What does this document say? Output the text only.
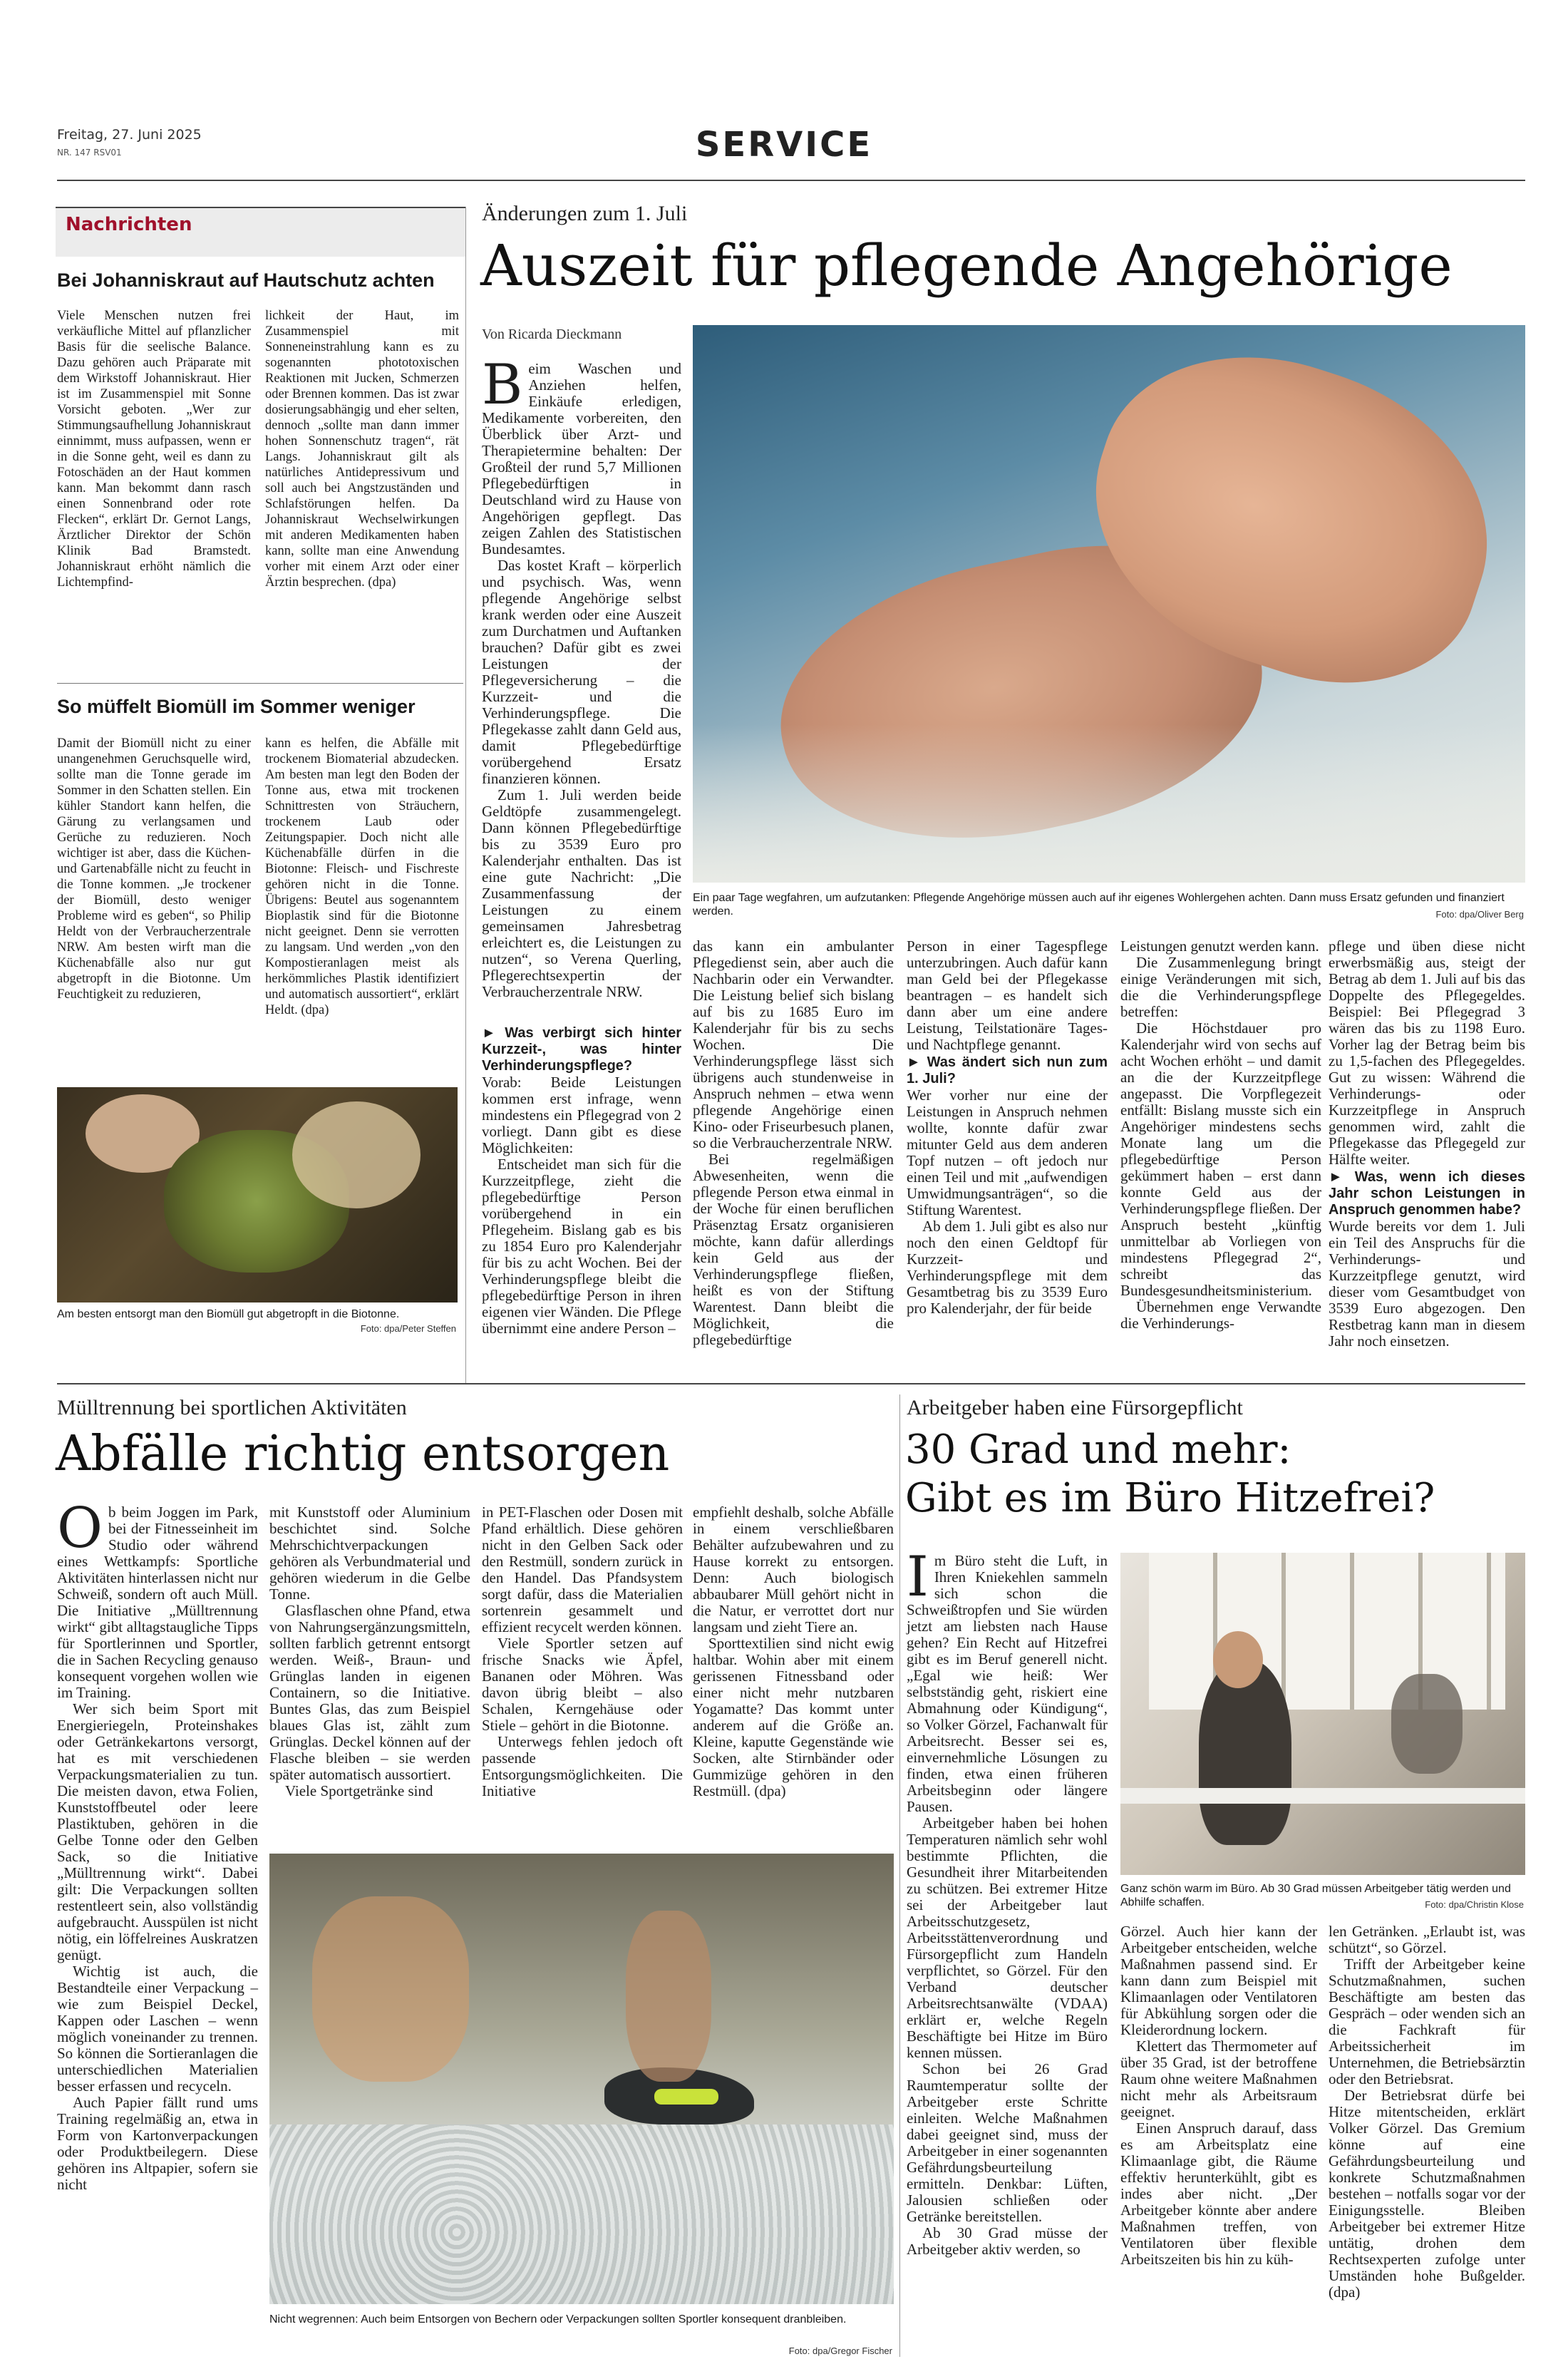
Freitag, 27. Juni 2025
NR. 147 RSV01	SERVICE
Nachrichten
Bei Johanniskraut auf Hautschutz achten
Viele Menschen nutzen frei verkäufliche Mittel auf pflanzlicher Basis für die seelische Balance. Dazu gehören auch Präparate mit dem Wirkstoff Johanniskraut. Hier ist im Zusammenspiel mit Sonne Vorsicht geboten. „Wer zur Stimmungsaufhellung Johanniskraut einnimmt, muss aufpassen, wenn er in die Sonne geht, weil es dann zu Fotoschäden an der Haut kommen kann. Man bekommt dann rasch einen Sonnenbrand oder rote Flecken“, erklärt Dr. Gernot Langs, Ärztlicher Direktor der Schön Klinik Bad Bramstedt. Johanniskraut erhöht nämlich die Lichtempfind-
lichkeit der Haut, im Zusammenspiel mit Sonneneinstrahlung kann es zu sogenannten phototoxischen Reaktionen mit Jucken, Schmerzen oder Brennen kommen. Das ist zwar dosierungsabhängig und eher selten, dennoch „sollte man dann immer hohen Sonnenschutz tragen“, rät Langs. Johanniskraut gilt als natürliches Antidepressivum und soll auch bei Angstzuständen und Schlafstörungen helfen. Da Johanniskraut Wechselwirkungen mit anderen Medikamenten haben kann, sollte man eine Anwendung vorher mit einem Arzt oder einer Ärztin besprechen. (dpa)
So müffelt Biomüll im Sommer weniger
Damit der Biomüll nicht zu einer unangenehmen Geruchsquelle wird, sollte man die Tonne gerade im Sommer in den Schatten stellen. Ein kühler Standort kann helfen, die Gärung zu verlangsamen und Gerüche zu reduzieren. Noch wichtiger ist aber, dass die Küchen- und Gartenabfälle nicht zu feucht in die Tonne kommen. „Je trockener der Biomüll, desto weniger Probleme wird es geben“, so Philip Heldt von der Verbraucherzentrale NRW. Am besten wirft man die Küchenabfälle also nur gut abgetropft in die Biotonne. Um Feuchtigkeit zu reduzieren,
kann es helfen, die Abfälle mit trockenem Biomaterial abzudecken. Am besten man legt den Boden der Tonne aus, etwa mit trockenen Schnittresten von Sträuchern, trockenem Laub oder Zeitungspapier. Doch nicht alle Küchenabfälle dürfen in die Biotonne: Fleisch- und Fischreste gehören nicht in die Tonne. Übrigens: Beutel aus sogenanntem Bioplastik sind für die Biotonne nicht geeignet. Denn sie verrotten zu langsam. Und werden „von den Kompostieranlagen meist als herkömmliches Plastik identifiziert und automatisch aussortiert“, erklärt Heldt. (dpa)
Am besten entsorgt man den Biomüll gut abgetropft in die Biotonne.
Foto: dpa/Peter Steffen
Änderungen zum 1. Juli
Auszeit für pflegende Angehörige
Von Ricarda Dieckmann

Beim Waschen und Anziehen helfen, Einkäufe erledigen, Medikamente vorbereiten, den Überblick über Arzt- und Therapietermine behalten: Der Großteil der rund 5,7 Millionen Pflegebedürftigen in Deutschland wird zu Hause von Angehörigen gepflegt. Das zeigen Zahlen des Statistischen Bundesamtes.

Das kostet Kraft – körperlich und psychisch. Was, wenn pflegende Angehörige selbst krank werden oder eine Auszeit zum Durchatmen und Auftanken brauchen? Dafür gibt es zwei Leistungen der Pflegeversicherung – die Kurzzeit- und die Verhinderungspflege. Die Pflegekasse zahlt dann Geld aus, damit Pflegebedürftige vorübergehend Ersatz finanzieren können.

Zum 1. Juli werden beide Geldtöpfe zusammengelegt. Dann können Pflegebedürftige bis zu 3539 Euro pro Kalenderjahr enthalten. Das ist eine gute Nachricht: „Die Zusammenfassung der Leistungen zu einem gemeinsamen Jahresbetrag erleichtert es, die Leistungen zu nutzen“, so Verena Querling, Pflegerechtsexpertin der Verbraucherzentrale NRW.

Ein paar Tage wegfahren, um aufzutanken: Pflegende Angehörige müssen auch auf ihr eigenes Wohlergehen achten. Dann muss Ersatz gefunden und finanziert werden.	Foto: dpa/Oliver Berg

► Was verbirgt sich hinter Kurzzeit-, was hinter Verhinderungspflege?

Vorab: Beide Leistungen kommen erst infrage, wenn mindestens ein Pflegegrad von 2 vorliegt. Dann gibt es diese Möglichkeiten:

Entscheidet man sich für die Kurzzeitpflege, zieht die pflegebedürftige Person vorübergehend in ein Pflegeheim. Bislang gab es bis zu 1854 Euro pro Kalenderjahr für bis zu acht Wochen. Bei der Verhinderungspflege bleibt die pflegebedürftige Person in ihren eigenen vier Wänden. Die Pflege übernimmt eine andere Person –

das kann ein ambulanter Pflegedienst sein, aber auch die Nachbarin oder ein Verwandter. Die Leistung belief sich bislang auf bis zu 1685 Euro im Kalenderjahr für bis zu sechs Wochen. Die Verhinderungspflege lässt sich übrigens auch stundenweise in Anspruch nehmen – etwa wenn pflegende Angehörige einen Kino- oder Friseurbesuch planen, so die Verbraucherzentrale NRW.

Bei regelmäßigen Abwesenheiten, wenn die pflegende Person etwa einmal in der Woche für einen beruflichen Präsenztag Ersatz organisieren möchte, kann dafür allerdings kein Geld aus der Verhinderungspflege fließen, heißt es von der Stiftung Warentest. Dann bleibt die Möglichkeit, die pflegebedürftige

Person in einer Tagespflege unterzubringen. Auch dafür kann man Geld bei der Pflegekasse beantragen – es handelt sich dann aber um eine andere Leistung, Teilstationäre Tages- und Nachtpflege genannt.

► Was ändert sich nun zum 1. Juli?

Wer vorher nur eine der Leistungen in Anspruch nehmen wollte, konnte dafür zwar mitunter Geld aus dem anderen Topf nutzen – oft jedoch nur einen Teil und mit „aufwendigen Umwidmungsanträgen“, so die Stiftung Warentest.

Ab dem 1. Juli gibt es also nur noch den einen Geldtopf für Kurzzeit- und Verhinderungspflege mit dem Gesamtbetrag bis zu 3539 Euro pro Kalenderjahr, der für beide

Leistungen genutzt werden kann.

Die Zusammenlegung bringt einige Veränderungen mit sich, die die Verhinderungspflege betreffen:

Die Höchstdauer pro Kalenderjahr wird von sechs auf acht Wochen erhöht – und damit an die der Kurzzeitpflege angepasst. Die Vorpflegezeit entfällt: Bislang musste sich ein Angehöriger mindestens sechs Monate lang um die pflegebedürftige Person gekümmert haben – erst dann konnte Geld aus der Verhinderungspflege fließen. Der Anspruch besteht „künftig unmittelbar ab Vorliegen von mindestens Pflegegrad 2“, schreibt das Bundesgesundheitsministerium.

Übernehmen enge Verwandte die Verhinderungs-

pflege und üben diese nicht erwerbsmäßig aus, steigt der Betrag ab dem 1. Juli auf bis das Doppelte des Pflegegeldes. Beispiel: Bei Pflegegrad 3 wären das bis zu 1198 Euro. Vorher lag der Betrag beim bis zu 1,5-fachen des Pflegegeldes. Gut zu wissen: Während die Verhinderungs- oder Kurzzeitpflege in Anspruch genommen wird, zahlt die Pflegekasse das Pflegegeld zur Hälfte weiter.

► Was, wenn ich dieses Jahr schon Leistungen in Anspruch genommen habe?

Wurde bereits vor dem 1. Juli ein Teil des Anspruchs für die Verhinderungs- und Kurzzeitpflege genutzt, wird dieser vom Gesamtbudget von 3539 Euro abgezogen. Den Restbetrag kann man in diesem Jahr noch einsetzen.

Mülltrennung bei sportlichen Aktivitäten
Abfälle richtig entsorgen

Ob beim Joggen im Park, bei der Fitnesseinheit im Studio oder während eines Wettkampfs: Sportliche Aktivitäten hinterlassen nicht nur Schweiß, sondern oft auch Müll. Die Initiative „Mülltrennung wirkt“ gibt alltagstaugliche Tipps für Sportlerinnen und Sportler, die in Sachen Recycling genauso konsequent vorgehen wollen wie im Training.

Wer sich beim Sport mit Energieriegeln, Proteinshakes oder Getränkekartons versorgt, hat es mit verschiedenen Verpackungsmaterialien zu tun. Die meisten davon, etwa Folien, Kunststoffbeutel oder leere Plastiktuben, gehören in die Gelbe Tonne oder den Gelben Sack, so die Initiative „Mülltrennung wirkt“. Dabei gilt: Die Verpackungen sollten restentleert sein, also vollständig aufgebraucht. Ausspülen ist nicht nötig, ein löffelreines Auskratzen genügt.

Wichtig ist auch, die Bestandteile einer Verpackung – wie zum Beispiel Deckel, Kappen oder Laschen – wenn möglich voneinander zu trennen. So können die Sortieranlagen die unterschiedlichen Materialien besser erfassen und recyceln.

Auch Papier fällt rund ums Training regelmäßig an, etwa in Form von Kartonverpackungen oder Produktbeilegern. Diese gehören ins Altpapier, sofern sie nicht

mit Kunststoff oder Aluminium beschichtet sind. Solche Mehrschichtverpackungen gehören als Verbundmaterial und gehören wiederum in die Gelbe Tonne.

Glasflaschen ohne Pfand, etwa von Nahrungsergänzungsmitteln, sollten farblich getrennt entsorgt werden. Weiß-, Braun- und Grünglas landen in eigenen Containern, so die Initiative. Buntes Glas, das zum Beispiel blaues Glas ist, zählt zum Grünglas. Deckel können auf der Flasche bleiben – sie werden später automatisch aussortiert.

Viele Sportgetränke sind

in PET-Flaschen oder Dosen mit Pfand erhältlich. Diese gehören nicht in den Gelben Sack oder den Restmüll, sondern zurück in den Handel. Das Pfandsystem sorgt dafür, dass die Materialien sortenrein gesammelt und effizient recycelt werden können.

Viele Sportler setzen auf frische Snacks wie Äpfel, Bananen oder Möhren. Was davon übrig bleibt – also Schalen, Kerngehäuse oder Stiele – gehört in die Biotonne.

Unterwegs fehlen jedoch oft passende Entsorgungsmöglichkeiten. Die Initiative

empfiehlt deshalb, solche Abfälle in einem verschließbaren Behälter aufzubewahren und zu Hause korrekt zu entsorgen. Denn: Auch biologisch abbaubarer Müll gehört nicht in die Natur, er verrottet dort nur langsam und zieht Tiere an.

Sporttextilien sind nicht ewig haltbar. Wohin aber mit einem gerissenen Fitnessband oder einer nicht mehr nutzbaren Yogamatte? Das kommt unter anderem auf die Größe an. Kleine, kaputte Gegenstände wie Socken, alte Stirnbänder oder Gummizüge gehören in den Restmüll. (dpa)

Nicht wegrennen: Auch beim Entsorgen von Bechern oder Verpackungen sollten Sportler konsequent dranbleiben.
Foto: dpa/Gregor Fischer
Arbeitgeber haben eine Fürsorgepflicht
30 Grad und mehr:
Gibt es im Büro Hitzefrei?

Im Büro steht die Luft, in Ihren Kniekehlen sammeln sich schon die Schweißtropfen und Sie würden jetzt am liebsten nach Hause gehen? Ein Recht auf Hitzefrei gibt es im Beruf generell nicht. „Egal wie heiß: Wer selbstständig geht, riskiert eine Abmahnung oder Kündigung“, so Volker Görzel, Fachanwalt für Arbeitsrecht. Besser sei es, einvernehmliche Lösungen zu finden, etwa einen früheren Arbeitsbeginn oder längere Pausen.

Arbeitgeber haben bei hohen Temperaturen nämlich sehr wohl bestimmte Pflichten, die Gesundheit ihrer Mitarbeitenden zu schützen. Bei extremer Hitze sei der Arbeitgeber laut Arbeitsschutzgesetz, Arbeitsstättenverordnung und Fürsorgepflicht zum Handeln verpflichtet, so Görzel. Für den Verband deutscher Arbeitsrechtsanwälte (VDAA) erklärt er, welche Regeln Beschäftigte bei Hitze im Büro kennen müssen.

Schon bei 26 Grad Raumtemperatur sollte der Arbeitgeber erste Schritte einleiten. Welche Maßnahmen dabei geeignet sind, muss der Arbeitgeber in einer sogenannten Gefährdungsbeurteilung ermitteln. Denkbar: Lüften, Jalousien schließen oder Getränke bereitstellen.

Ab 30 Grad müsse der Arbeitgeber aktiv werden, so

Ganz schön warm im Büro. Ab 30 Grad müssen Arbeitgeber tätig werden und Abhilfe schaffen.	Foto: dpa/Christin Klose

Görzel. Auch hier kann der Arbeitgeber entscheiden, welche Maßnahmen passend sind. Er kann dann zum Beispiel mit Klimaanlagen oder Ventilatoren für Abkühlung sorgen oder die Kleiderordnung lockern.

Klettert das Thermometer auf über 35 Grad, ist der betroffene Raum ohne weitere Maßnahmen nicht mehr als Arbeitsraum geeignet.

Einen Anspruch darauf, dass es am Arbeitsplatz eine Klimaanlage gibt, die Räume effektiv herunterkühlt, gibt es indes aber nicht. „Der Arbeitgeber könnte aber andere Maßnahmen treffen, von Ventilatoren über flexible Arbeitszeiten bis hin zu küh-

len Getränken. „Erlaubt ist, was schützt“, so Görzel.

Trifft der Arbeitgeber keine Schutzmaßnahmen, suchen Beschäftigte am besten das Gespräch – oder wenden sich an die Fachkraft für Arbeitssicherheit im Unternehmen, die Betriebsärztin oder den Betriebsrat.

Der Betriebsrat dürfe bei Hitze mitentscheiden, erklärt Volker Görzel. Das Gremium könne auf eine Gefährdungsbeurteilung und konkrete Schutzmaßnahmen bestehen – notfalls sogar vor der Einigungsstelle. Bleiben Arbeitgeber bei extremer Hitze untätig, drohen dem Rechtsexperten zufolge unter Umständen hohe Bußgelder. (dpa)
